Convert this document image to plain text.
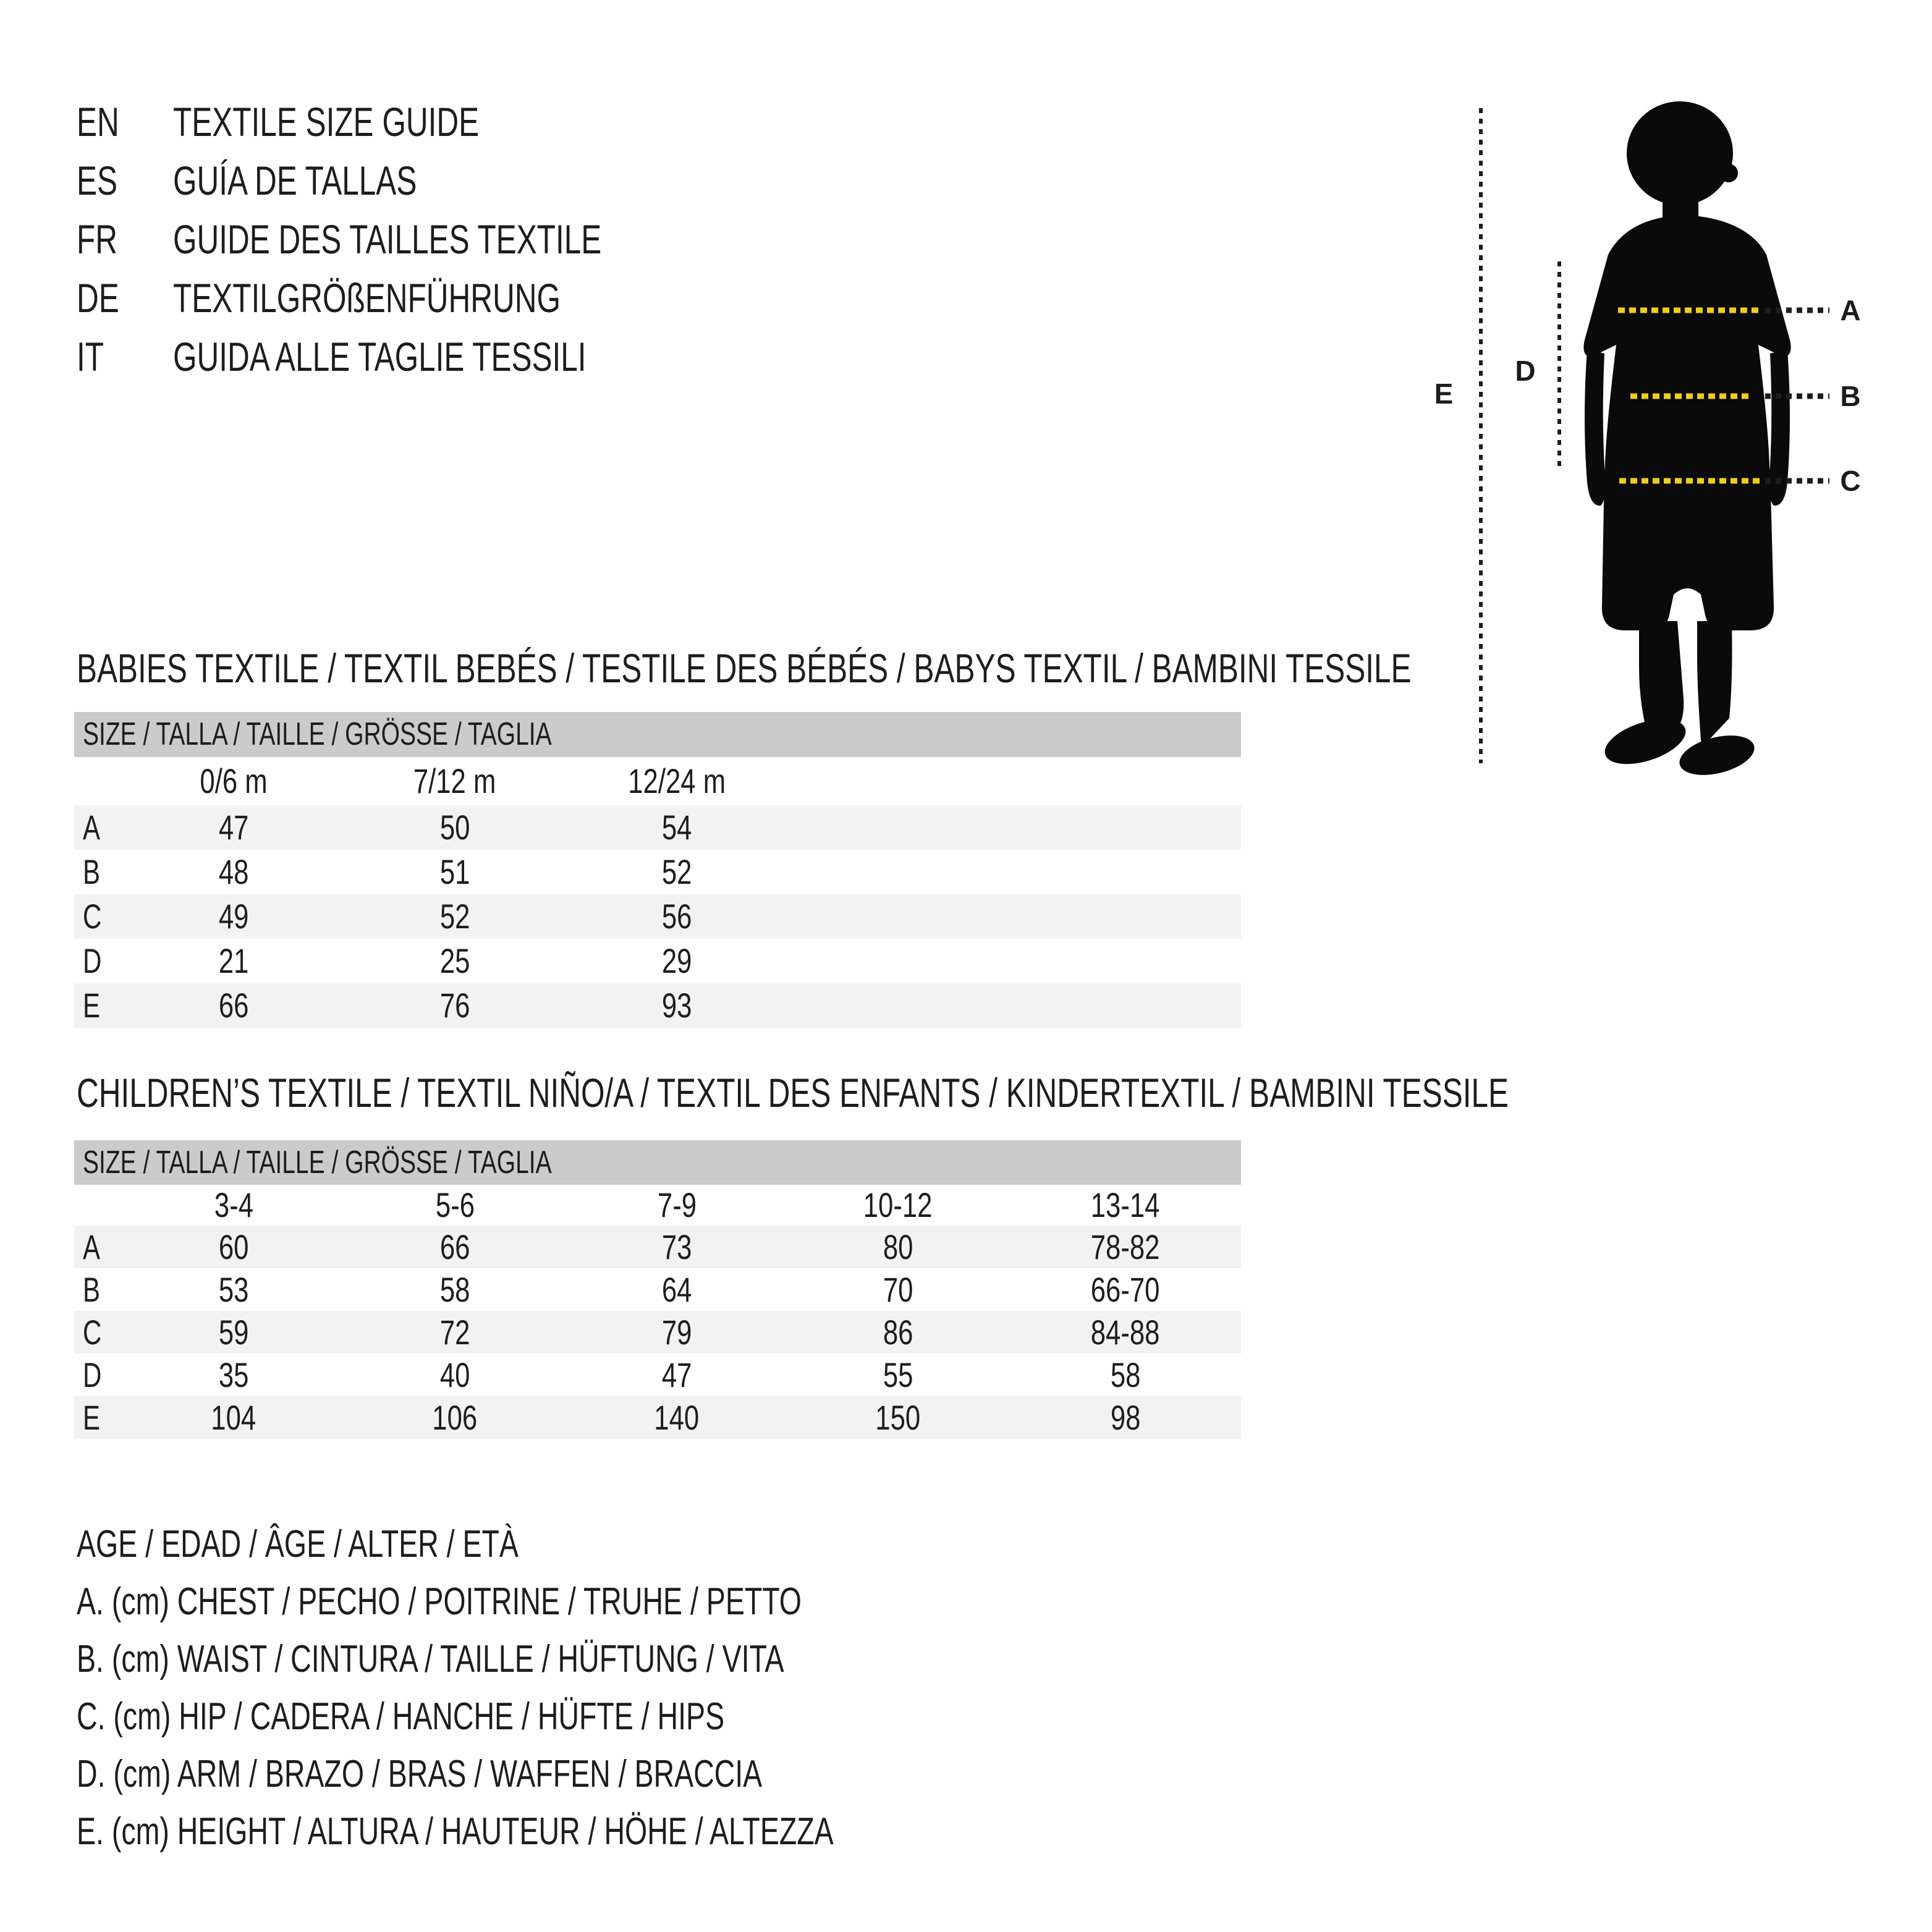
EN TEXTILE SIZE GUIDE
ES GUÍA DE TALLAS
FR GUIDE DES TAILLES TEXTILE
DE TEXTILGRÖßENFÜHRUNG
IT GUIDA ALLE TAGLIE TESSILI
A
B
C
D
E
BABIES TEXTILE / TEXTIL BEBÉS / TESTILE DES BÉBÉS / BABYS TEXTIL / BAMBINI TESSILE
SIZE / TALLA / TAILLE / GRÖSSE / TAGLIA
0/6 m	7/12 m	12/24 m
A	47	50	54
B	48	51	52
C	49	52	56
D	21	25	29
E	66	76	93
CHILDREN’S TEXTILE / TEXTIL NIÑO/A / TEXTIL DES ENFANTS / KINDERTEXTIL / BAMBINI TESSILE
SIZE / TALLA / TAILLE / GRÖSSE / TAGLIA
3-4	5-6	7-9	10-12	13-14
A	60	66	73	80	78-82
B	53	58	64	70	66-70
C	59	72	79	86	84-88
D	35	40	47	55	58
E	104	106	140	150	98
AGE / EDAD / ÂGE / ALTER / ETÀ
A. (cm) CHEST / PECHO / POITRINE / TRUHE / PETTO
B. (cm) WAIST / CINTURA / TAILLE / HÜFTUNG / VITA
C. (cm) HIP / CADERA / HANCHE / HÜFTE / HIPS
D. (cm) ARM / BRAZO / BRAS / WAFFEN / BRACCIA
E. (cm) HEIGHT / ALTURA / HAUTEUR / HÖHE / ALTEZZA
